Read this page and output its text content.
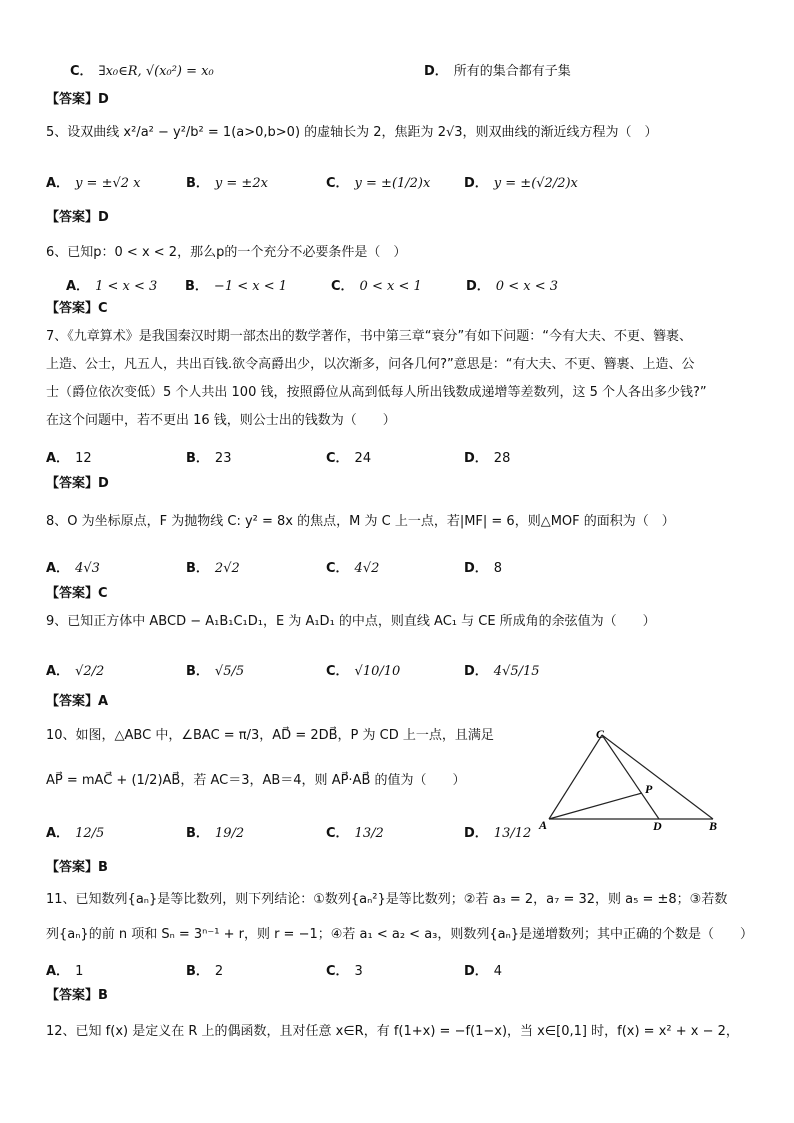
C． ∃x₀∈R, √(x₀²) = x₀	D． 所有的集合都有子集
【答案】D
5、设双曲线 x²/a² − y²/b² = 1(a>0,b>0) 的虚轴长为 2，焦距为 2√3，则双曲线的渐近线方程为（　）
A． y = ±√2 x	B． y = ±2x	C． y = ±(1/2)x	D． y = ±(√2/2)x
【答案】D
6、已知p：0 < x < 2，那么p的一个充分不必要条件是（　）
A． 1 < x < 3 B． −1 < x < 1	C． 0 < x < 1	D． 0 < x < 3
【答案】C
7、《九章算术》是我国秦汉时期一部杰出的数学著作，书中第三章“衰分”有如下问题：“今有大夫、不更、簪裹、
上造、公士，凡五人，共出百钱.欲令高爵出少，以次渐多，问各几何?”意思是：“有大夫、不更、簪裹、上造、公
士（爵位依次变低）5 个人共出 100 钱，按照爵位从高到低每人所出钱数成递增等差数列，这 5 个人各出多少钱?”
在这个问题中，若不更出 16 钱，则公士出的钱数为（　　）
A． 12	B． 23	C． 24	D． 28
【答案】D
8、O 为坐标原点，F 为抛物线 C: y² = 8x 的焦点，M 为 C 上一点，若|MF| = 6，则△MOF 的面积为（　）
A． 4√3	B． 2√2	C． 4√2	D． 8
【答案】C
9、已知正方体中 ABCD − A₁B₁C₁D₁，E 为 A₁D₁ 的中点，则直线 AC₁ 与 CE 所成角的余弦值为（　　）
A． √2/2	B． √5/5	C． √10/10	D． 4√5/15
【答案】A
10、如图，△ABC 中，∠BAC = π/3，AD⃗ = 2DB⃗，P 为 CD 上一点，且满足
AP⃗ = mAC⃗ + (1/2)AB⃗，若 AC＝3，AB＝4，则 AP⃗·AB⃗ 的值为（　　）
A． 12/5	B． 19/2	C． 13/2	D． 13/12
【答案】B
C
P
A	D	B
11、已知数列{aₙ}是等比数列，则下列结论：①数列{aₙ²}是等比数列；②若 a₃ = 2，a₇ = 32，则 a₅ = ±8；③若数
列{aₙ}的前 n 项和 Sₙ = 3ⁿ⁻¹ + r，则 r = −1；④若 a₁ < a₂ < a₃，则数列{aₙ}是递增数列；其中正确的个数是（　　）
A． 1	B． 2	C． 3	D． 4
【答案】B
12、已知 f(x) 是定义在 R 上的偶函数，且对任意 x∈R，有 f(1+x) = −f(1−x)，当 x∈[0,1] 时，f(x) = x² + x − 2，
